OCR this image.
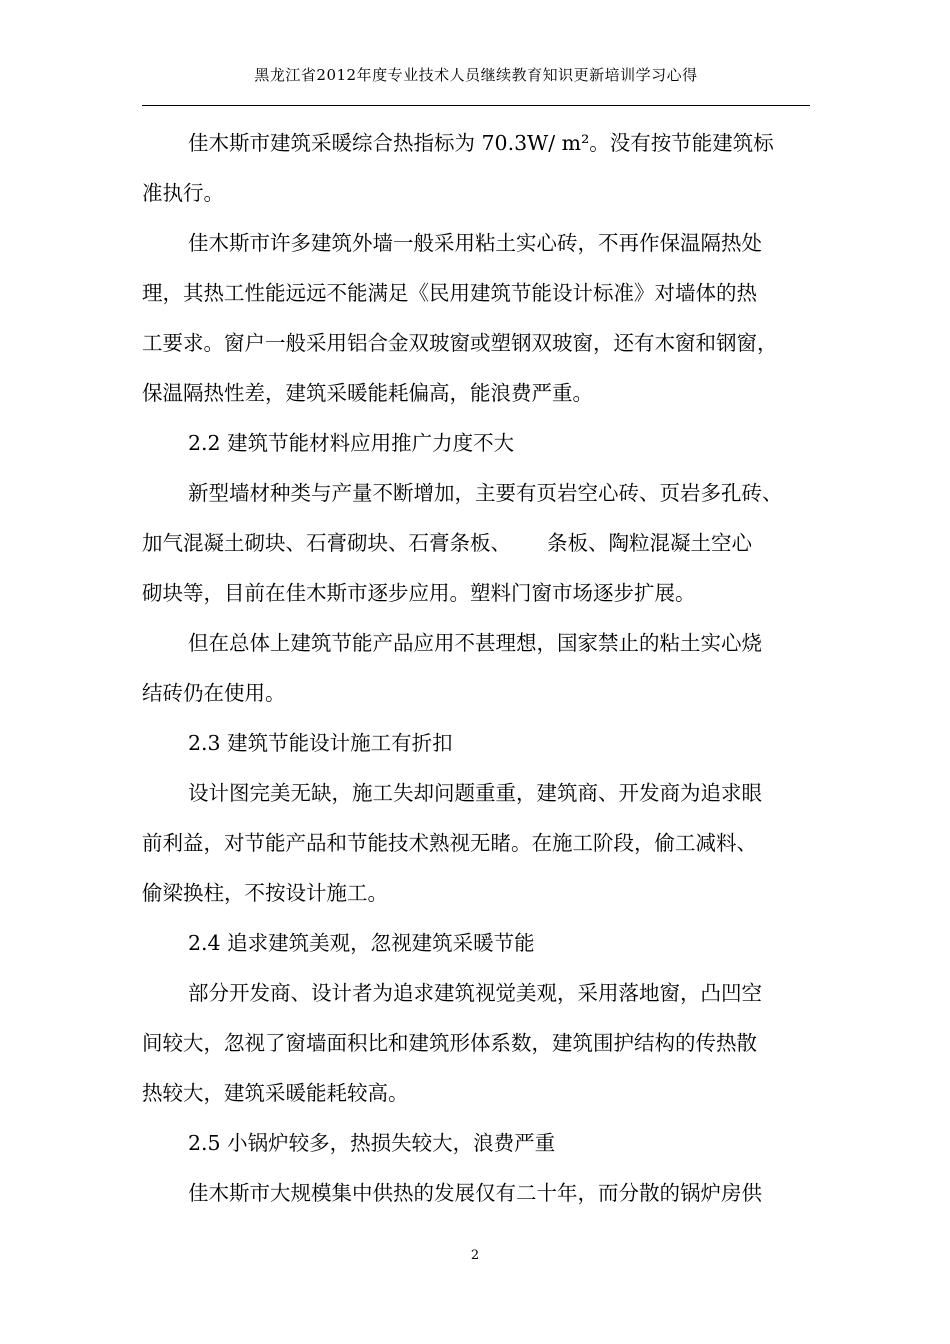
黑龙江省2012年度专业技术人员继续教育知识更新培训学习心得

佳木斯市建筑采暖综合热指标为 70.3W/ m²。没有按节能建筑标
准执行。

佳木斯市许多建筑外墙一般采用粘土实心砖，不再作保温隔热处
理，其热工性能远远不能满足《民用建筑节能设计标准》对墙体的热
工要求。窗户一般采用铝合金双玻窗或塑钢双玻窗，还有木窗和钢窗，
保温隔热性差，建筑采暖能耗偏高，能浪费严重。

2.2 建筑节能材料应用推广力度不大

新型墙材种类与产量不断增加，主要有页岩空心砖、页岩多孔砖、
加气混凝土砌块、石膏砌块、石膏条板、 条板、陶粒混凝土空心
砌块等，目前在佳木斯市逐步应用。塑料门窗市场逐步扩展。

但在总体上建筑节能产品应用不甚理想，国家禁止的粘土实心烧
结砖仍在使用。

2.3 建筑节能设计施工有折扣

设计图完美无缺，施工失却问题重重，建筑商、开发商为追求眼
前利益，对节能产品和节能技术熟视无睹。在施工阶段，偷工减料、
偷梁换柱，不按设计施工。

2.4 追求建筑美观，忽视建筑采暖节能

部分开发商、设计者为追求建筑视觉美观，采用落地窗，凸凹空
间较大，忽视了窗墙面积比和建筑形体系数，建筑围护结构的传热散
热较大，建筑采暖能耗较高。

2.5 小锅炉较多，热损失较大，浪费严重

佳木斯市大规模集中供热的发展仅有二十年，而分散的锅炉房供

2
